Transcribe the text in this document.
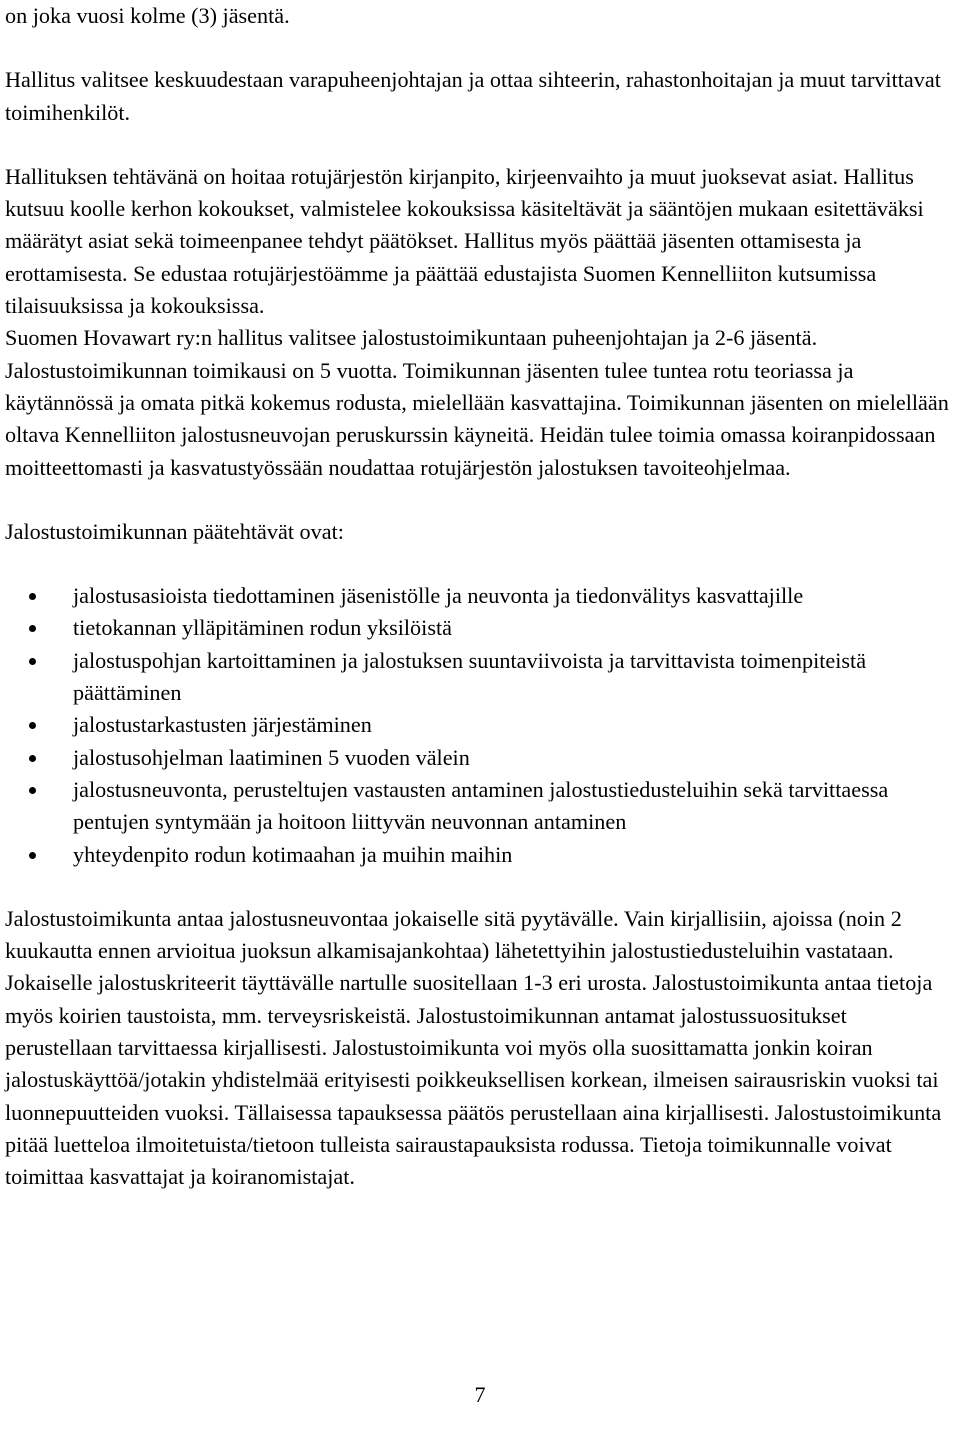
on joka vuosi kolme (3) jäsentä.

Hallitus valitsee keskuudestaan varapuheenjohtajan ja ottaa sihteerin, rahastonhoitajan ja muut tarvittavat toimihenkilöt.

Hallituksen tehtävänä on hoitaa rotujärjestön kirjanpito, kirjeenvaihto ja muut juoksevat asiat. Hallitus kutsuu koolle kerhon kokoukset, valmistelee kokouksissa käsiteltävät ja sääntöjen mukaan esitettäväksi määrätyt asiat sekä toimeenpanee tehdyt päätökset. Hallitus myös päättää jäsenten ottamisesta ja erottamisesta. Se edustaa rotujärjestöämme ja päättää edustajista Suomen Kennelliiton kutsumissa tilaisuuksissa ja kokouksissa.

Suomen Hovawart ry:n hallitus valitsee jalostustoimikuntaan puheenjohtajan ja 2-6 jäsentä. Jalostustoimikunnan toimikausi on 5 vuotta. Toimikunnan jäsenten tulee tuntea rotu teoriassa ja käytännössä ja omata pitkä kokemus rodusta, mielellään kasvattajina. Toimikunnan jäsenten on mielellään oltava Kennelliiton jalostusneuvojan peruskurssin käyneitä. Heidän tulee toimia omassa koiranpidossaan moitteettomasti ja kasvatustyössään noudattaa rotujärjestön jalostuksen tavoiteohjelmaa.

Jalostustoimikunnan päätehtävät ovat:

jalostusasioista tiedottaminen jäsenistölle ja neuvonta ja tiedonvälitys kasvattajille
tietokannan ylläpitäminen rodun yksilöistä
jalostuspohjan kartoittaminen ja jalostuksen suuntaviivoista ja tarvittavista toimenpiteistä päättäminen
jalostustarkastusten järjestäminen
jalostusohjelman laatiminen 5 vuoden välein
jalostusneuvonta, perusteltujen vastausten antaminen jalostustiedusteluihin sekä tarvittaessa pentujen syntymään ja hoitoon liittyvän neuvonnan antaminen
yhteydenpito rodun kotimaahan ja muihin maihin

Jalostustoimikunta antaa jalostusneuvontaa jokaiselle sitä pyytävälle. Vain kirjallisiin, ajoissa (noin 2 kuukautta ennen arvioitua juoksun alkamisajankohtaa) lähetettyihin jalostustiedusteluihin vastataan. Jokaiselle jalostuskriteerit täyttävälle nartulle suositellaan 1-3 eri urosta. Jalostustoimikunta antaa tietoja myös koirien taustoista, mm. terveysriskeistä. Jalostustoimikunnan antamat jalostussuositukset perustellaan tarvittaessa kirjallisesti. Jalostustoimikunta voi myös olla suosittamatta jonkin koiran jalostuskäyttöä/jotakin yhdistelmää erityisesti poikkeuksellisen korkean, ilmeisen sairausriskin vuoksi tai luonnepuutteiden vuoksi. Tällaisessa tapauksessa päätös perustellaan aina kirjallisesti. Jalostustoimikunta pitää luetteloa ilmoitetuista/tietoon tulleista sairaustapauksista rodussa. Tietoja toimikunnalle voivat toimittaa kasvattajat ja koiranomistajat.

7
